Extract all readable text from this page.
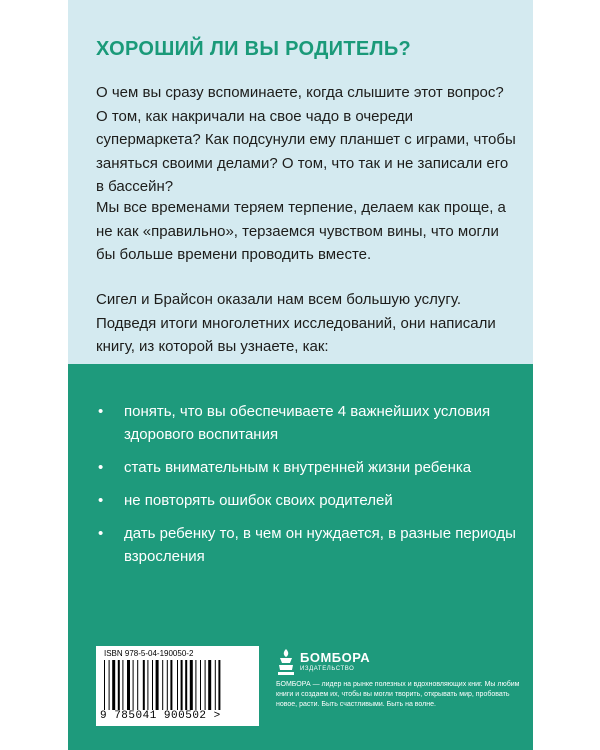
ХОРОШИЙ ЛИ ВЫ РОДИТЕЛЬ?

О чем вы сразу вспоминаете, когда слышите этот вопрос? О том, как накричали на свое чадо в очереди супермаркета? Как подсунули ему планшет с играми, чтобы заняться своими делами? О том, что так и не записали его в бассейн?

Мы все временами теряем терпение, делаем как проще, а не как «правильно», терзаемся чувством вины, что могли бы больше времени проводить вместе.

Сигел и Брайсон оказали нам всем большую услугу. Подведя итоги многолетних исследований, они написали книгу, из которой вы узнаете, как:

• понять, что вы обеспечиваете 4 важнейших условия здорового воспитания
• стать внимательным к внутренней жизни ребенка
• не повторять ошибок своих родителей
• дать ребенку то, в чем он нуждается, в разные периоды взросления
ISBN 978-5-04-190050-2
9 785041 900502 >
БОМБОРА
ИЗДАТЕЛЬСТВО

БОМБОРА — лидер на рынке полезных и вдохновляющих книг. Мы любим книги и создаем их, чтобы вы могли творить, открывать мир, пробовать новое, расти. Быть счастливыми. Быть на волне.
